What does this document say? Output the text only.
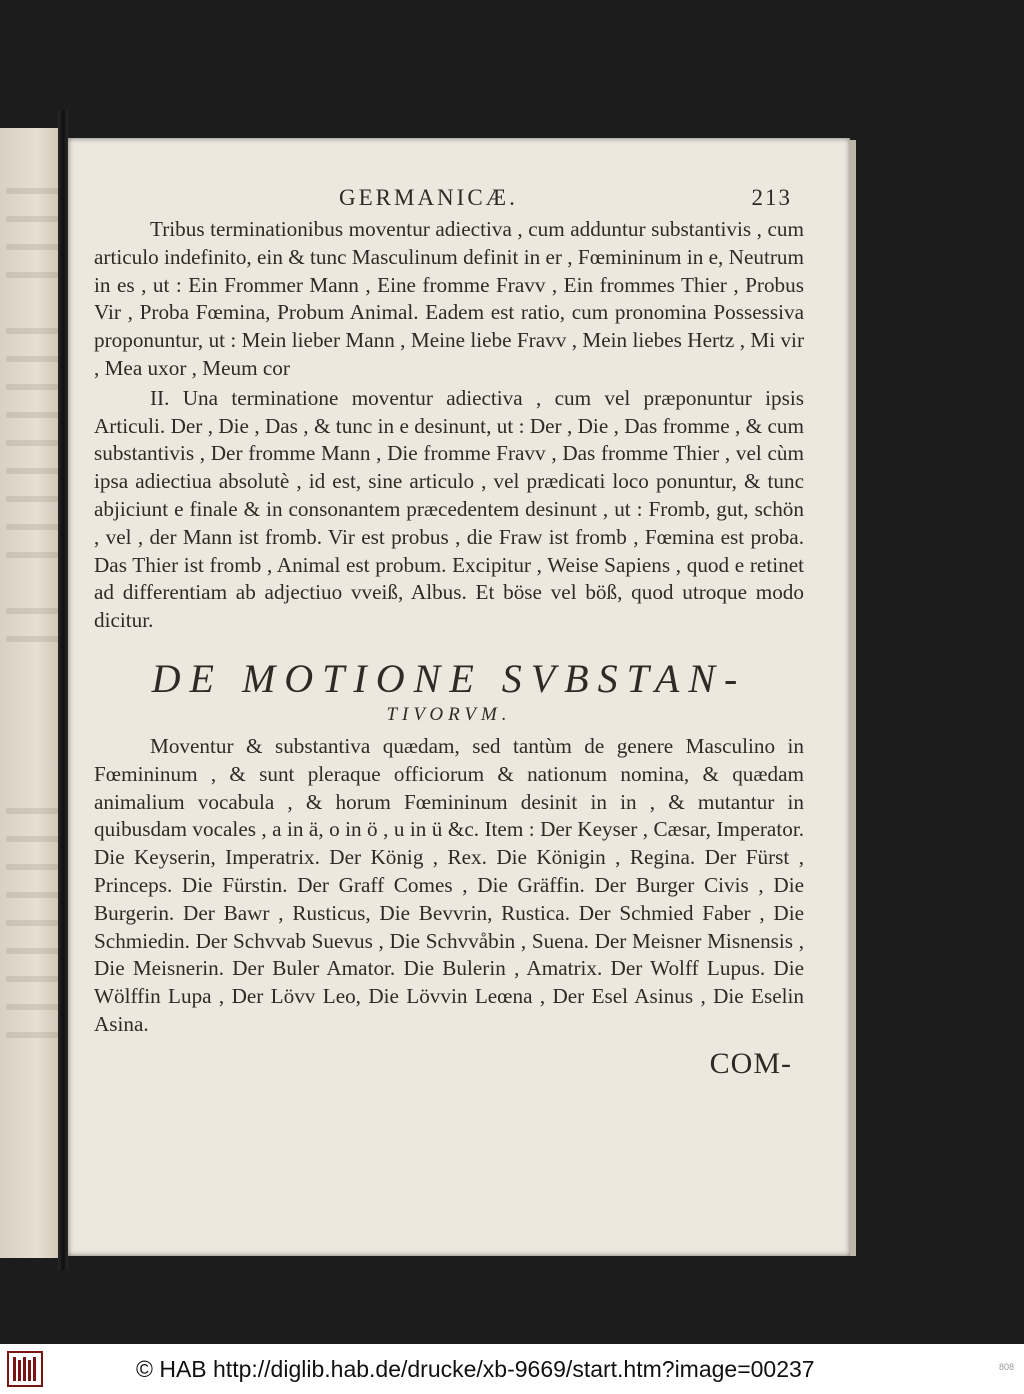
GERMANICÆ.	213

Tribus terminationibus moventur adiectiva , cum adduntur substantivis , cum articulo indefinito, ein & tunc Masculinum definit in er , Fœmininum in e, Neutrum in es , ut : Ein Frommer Mann , Eine fromme Fravv , Ein frommes Thier , Probus Vir , Proba Fœmina, Probum Animal. Eadem est ratio, cum pronomina Possessiva proponuntur, ut : Mein lieber Mann , Meine liebe Fravv , Mein liebes Hertz , Mi vir , Mea uxor , Meum cor

II. Una terminatione moventur adiectiva , cum vel præponuntur ipsis Articuli. Der , Die , Das , & tunc in e desinunt, ut : Der , Die , Das fromme , & cum substantivis , Der fromme Mann , Die fromme Fravv , Das fromme Thier , vel cùm ipsa adiectiua absolutè , id est, sine articulo , vel prædicati loco ponuntur, & tunc abjiciunt e finale & in consonantem præcedentem desinunt , ut : Fromb, gut, schön , vel , der Mann ist fromb. Vir est probus , die Fraw ist fromb , Fœmina est proba. Das Thier ist fromb , Animal est probum. Excipitur , Weise Sapiens , quod e retinet ad differentiam ab adjectiuo vveiß, Albus. Et böse vel böß, quod utroque modo dicitur.

DE MOTIONE SVBSTAN-
TIVORVM.

Moventur & substantiva quædam, sed tantùm de genere Masculino in Fœmininum , & sunt pleraque officiorum & nationum nomina, & quædam animalium vocabula , & horum Fœmininum desinit in in , & mutantur in quibusdam vocales , a in ä, o in ö , u in ü &c. Item : Der Keyser , Cæsar, Imperator. Die Keyserin, Imperatrix. Der König , Rex. Die Königin , Regina. Der Fürst , Princeps. Die Fürstin. Der Graff Comes , Die Gräffin. Der Burger Civis , Die Burgerin. Der Bawr , Rusticus, Die Bevvrin, Rustica. Der Schmied Faber , Die Schmiedin. Der Schvvab Suevus , Die Schvvåbin , Suena. Der Meisner Misnensis , Die Meisnerin. Der Buler Amator. Die Bulerin , Amatrix. Der Wolff Lupus. Die Wölffin Lupa , Der Lövv Leo, Die Lövvin Leœna , Der Esel Asinus , Die Eselin Asina.

COM-
© HAB http://diglib.hab.de/drucke/xb-9669/start.htm?image=00237	808
